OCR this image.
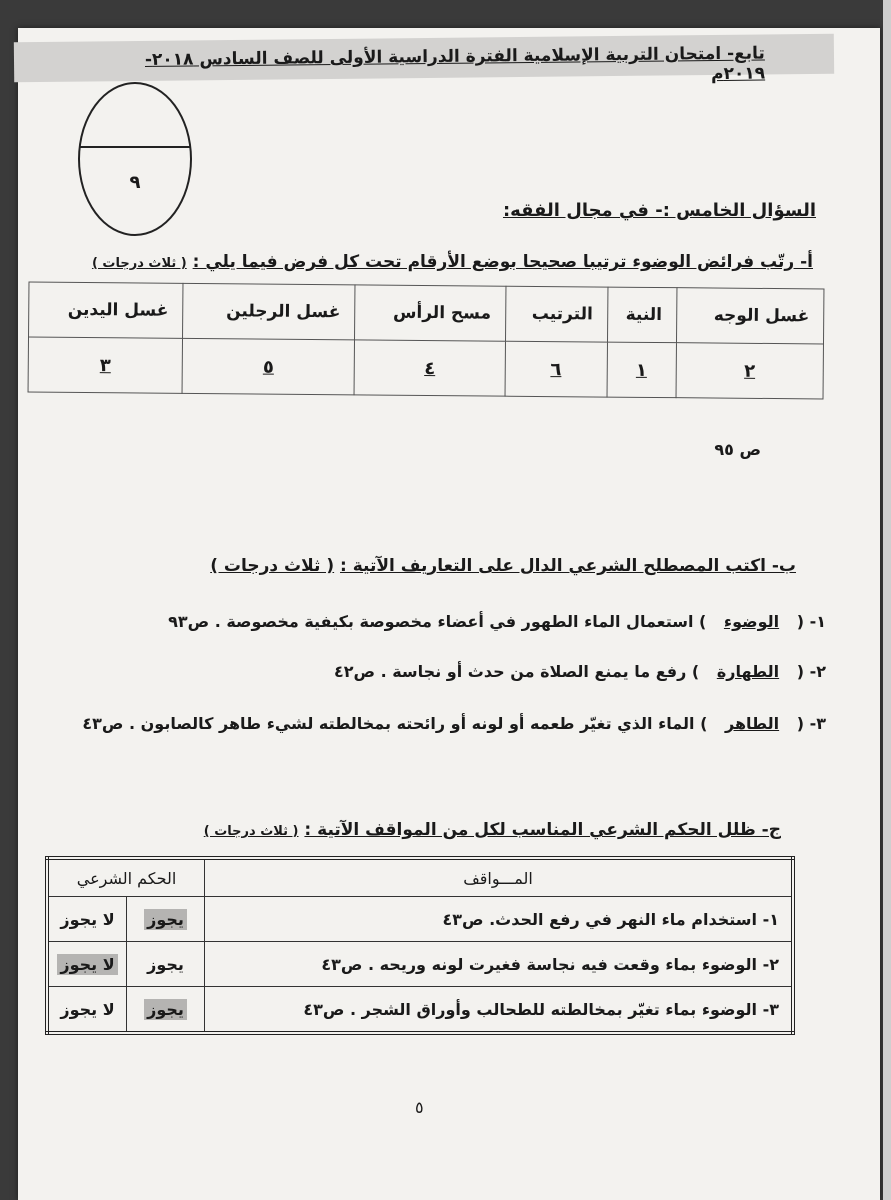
تابع- امتحان التربية الإسلامية الفترة الدراسية الأولى للصف السادس ٢٠١٨- ٢٠١٩م
٩
السؤال الخامس :- في مجال الفقه:
أ- رتّب فرائض الوضوء ترتيبا صحيحا بوضع الأرقام تحت كل فرض فيما يلي : ( ثلاث درجات )
غسل الوجه	النية	الترتيب	مسح الرأس	غسل الرجلين	غسل اليدين
٢	١	٦	٤	٥	٣
ص ٩٥
ب- اكتب المصطلح الشرعي الدال على التعاريف الآتية : ( ثلاث درجات )
١- ( الوضوء ) استعمال الماء الطهور في أعضاء مخصوصة بكيفية مخصوصة . ص٩٣
٢- ( الطهارة ) رفع ما يمنع الصلاة من حدث أو نجاسة . ص٤٢
٣- ( الطاهر ) الماء الذي تغيّر طعمه أو لونه أو رائحته بمخالطته لشيء طاهر كالصابون . ص٤٣
ج- ظلل الحكم الشرعي المناسب لكل من المواقف الآتية : ( ثلاث درجات )
المـــواقف	الحكم الشرعي	
١- استخدام ماء النهر في رفع الحدث. ص٤٣	يجوز	لا يجوز
٢- الوضوء بماء وقعت فيه نجاسة فغيرت لونه وريحه . ص٤٣	يجوز	لا يجوز
٣- الوضوء بماء تغيّر بمخالطته للطحالب وأوراق الشجر . ص٤٣	يجوز	لا يجوز
٥
